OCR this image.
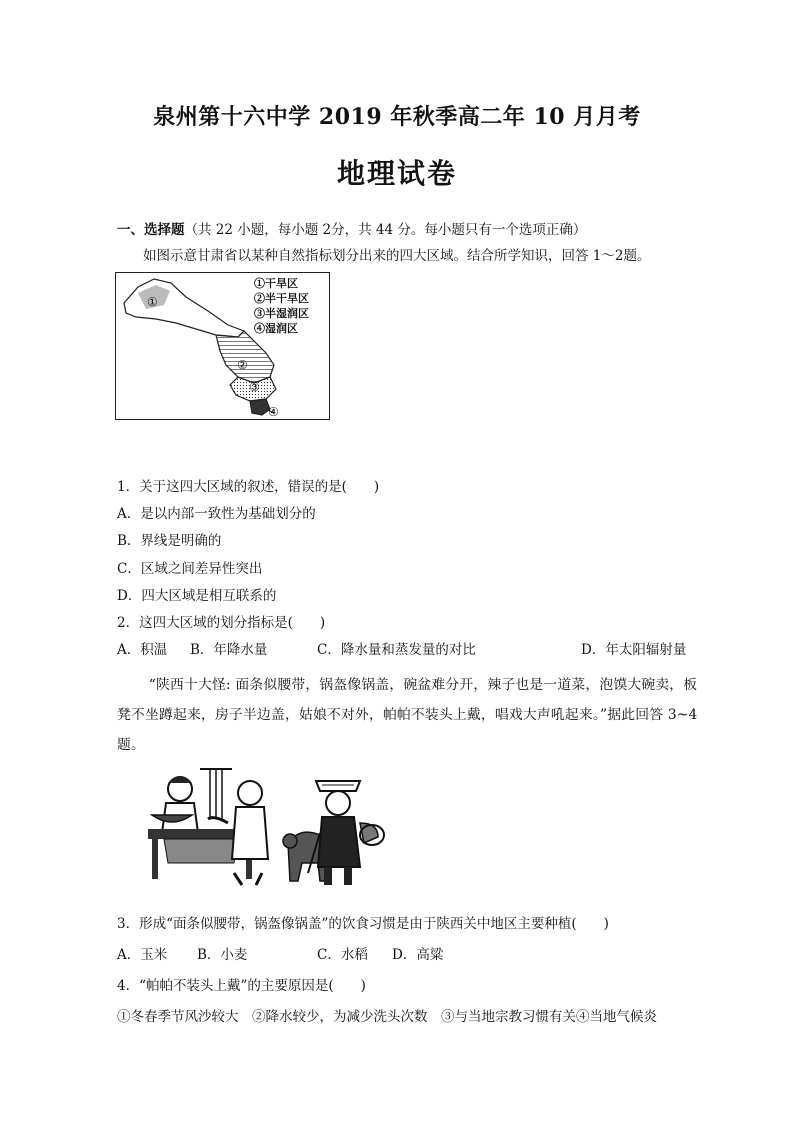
泉州第十六中学 2019 年秋季高二年 10 月月考
地理试卷
一、选择题（共 22 小题，每小题 2分，共 44 分。每小题只有一个选项正确）
如图示意甘肃省以某种自然指标划分出来的四大区域。结合所学知识，回答 1～2题。
①
②
③
④
①干旱区
②半干旱区
③半湿润区
④湿润区
1．关于这四大区域的叙述，错误的是(　　)
A．是以内部一致性为基础划分的
B．界线是明确的
C．区域之间差异性突出
D．四大区域是相互联系的
2．这四大区域的划分指标是(　　)
A．积温 B．年降水量	C．降水量和蒸发量的对比	D．年太阳辐射量
“陕西十大怪: 面条似腰带，锅盔像锅盖，碗盆难分开，辣子也是一道菜，泡馍大碗卖，板凳不坐蹲起来，房子半边盖，姑娘不对外，帕帕不装头上戴，唱戏大声吼起来。”据此回答 3~4 题。
3．形成“面条似腰带，锅盔像锅盖”的饮食习惯是由于陕西关中地区主要种植(　　)
A．玉米 B．小麦	C．水稻 D．高粱
4．“帕帕不装头上戴”的主要原因是(　　)
①冬春季节风沙较大　②降水较少，为减少洗头次数　③与当地宗教习惯有关④当地气候炎
